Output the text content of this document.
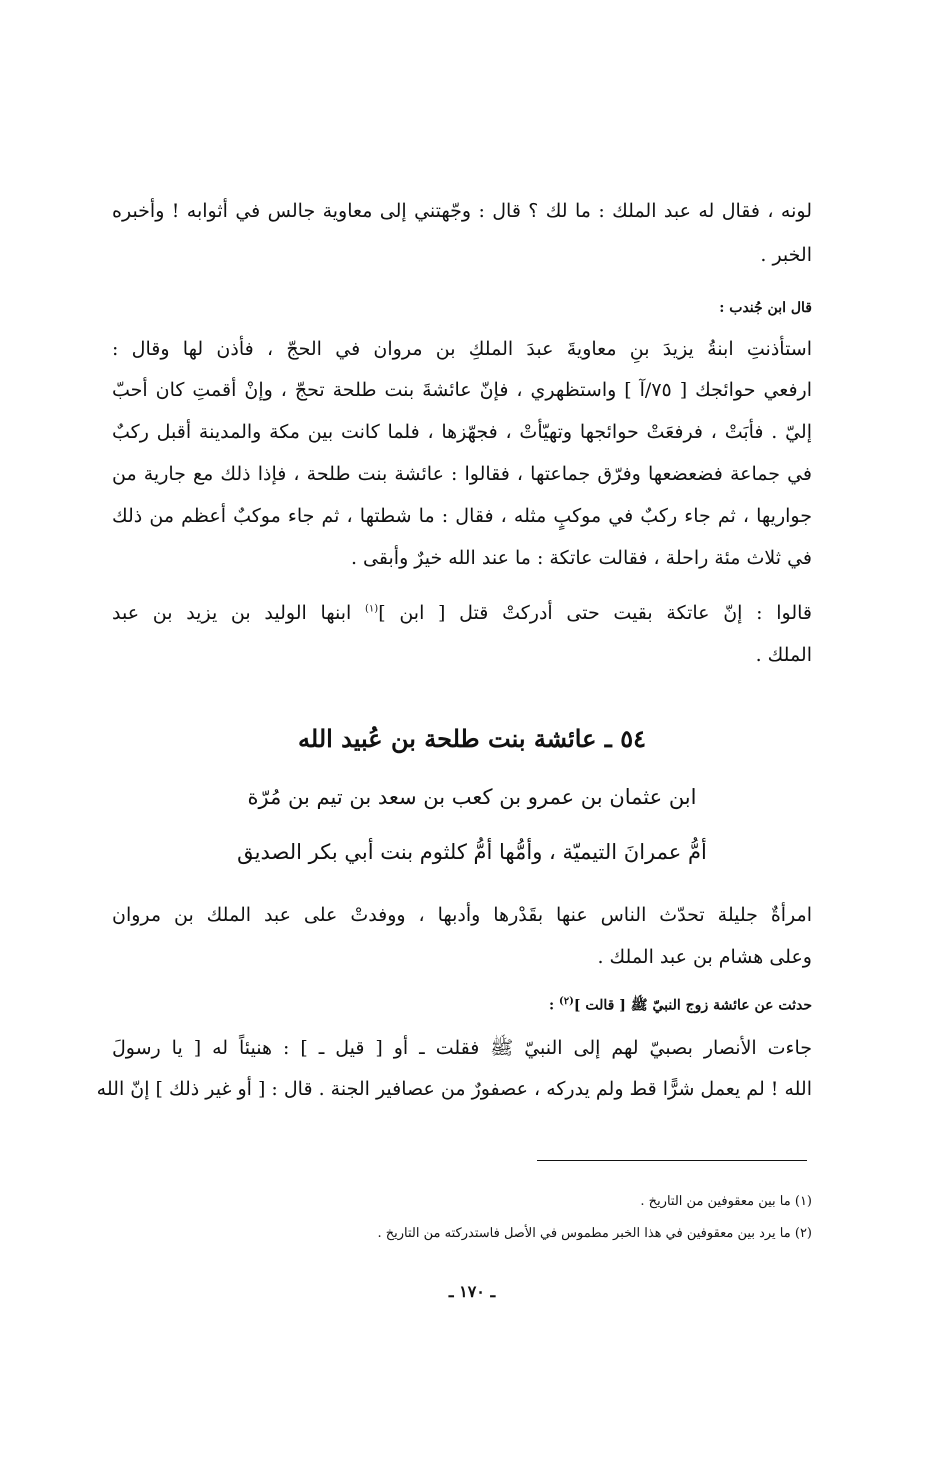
لونه ، فقال له عبد الملك : ما لك ؟ قال : وجّهتني إلى معاوية جالس في أثوابه ! وأخبره
الخبر .
قال ابن جُندب :
استأذنتِ ابنةُ يزيدَ بنِ معاويةَ عبدَ الملكِ بن مروان في الحجّ ، فأذن لها وقال :
ارفعي حوائجك [ ٧٥/آ ] واستظهري ، فإنّ عائشةَ بنت طلحة تحجّ ، وإنْ أقمتِ كان أحبّ
إليّ . فأبَتْ ، فرفعَتْ حوائجها وتهيّأتْ ، فجهّزها ، فلما كانت بين مكة والمدينة أقبل ركبٌ
في جماعة فضعضعها وفرّق جماعتها ، فقالوا : عائشة بنت طلحة ، فإذا ذلك مع جارية من
جواريها ، ثم جاء ركبٌ في موكبٍ مثله ، فقال : ما شطتها ، ثم جاء موكبٌ أعظم من ذلك
في ثلاث مئة راحلة ، فقالت عاتكة : ما عند الله خيرٌ وأبقى .
قالوا : إنّ عاتكة بقيت حتى أدركتْ قتل [ ابن ]$^{(١)}$ ابنها الوليد بن يزيد بن عبد
الملك .
٥٤ ـ عائشة بنت طلحة بن عُبيد الله
ابن عثمان بن عمرو بن كعب بن سعد بن تيم بن مُرّة
أمُّ عمرانَ التيميّة ، وأمُّها أمُّ كلثوم بنت أبي بكر الصديق
امرأةٌ جليلة تحدّث الناس عنها بقَدْرها وأدبها ، ووفدتْ على عبد الملك بن مروان
وعلى هشام بن عبد الملك .
حدثت عن عائشة زوج النبيّ ﷺ [ قالت ]$^{(٢)}$ :
جاءت الأنصار بصبيّ لهم إلى النبيّ ﷺ فقلت ـ أو [ قيل ـ ] : هنيئاً له [ يا رسولَ
الله ! لم يعمل شرًّا قط ولم يدركه ، عصفورٌ من عصافير الجنة . قال : [ أو غير ذلك ] إنّ الله
(١) ما بين معقوفين من التاريخ .
(٢) ما يرد بين معقوفين في هذا الخبر مطموس في الأصل فاستدركته من التاريخ .
ـ ١٧٠ ـ
